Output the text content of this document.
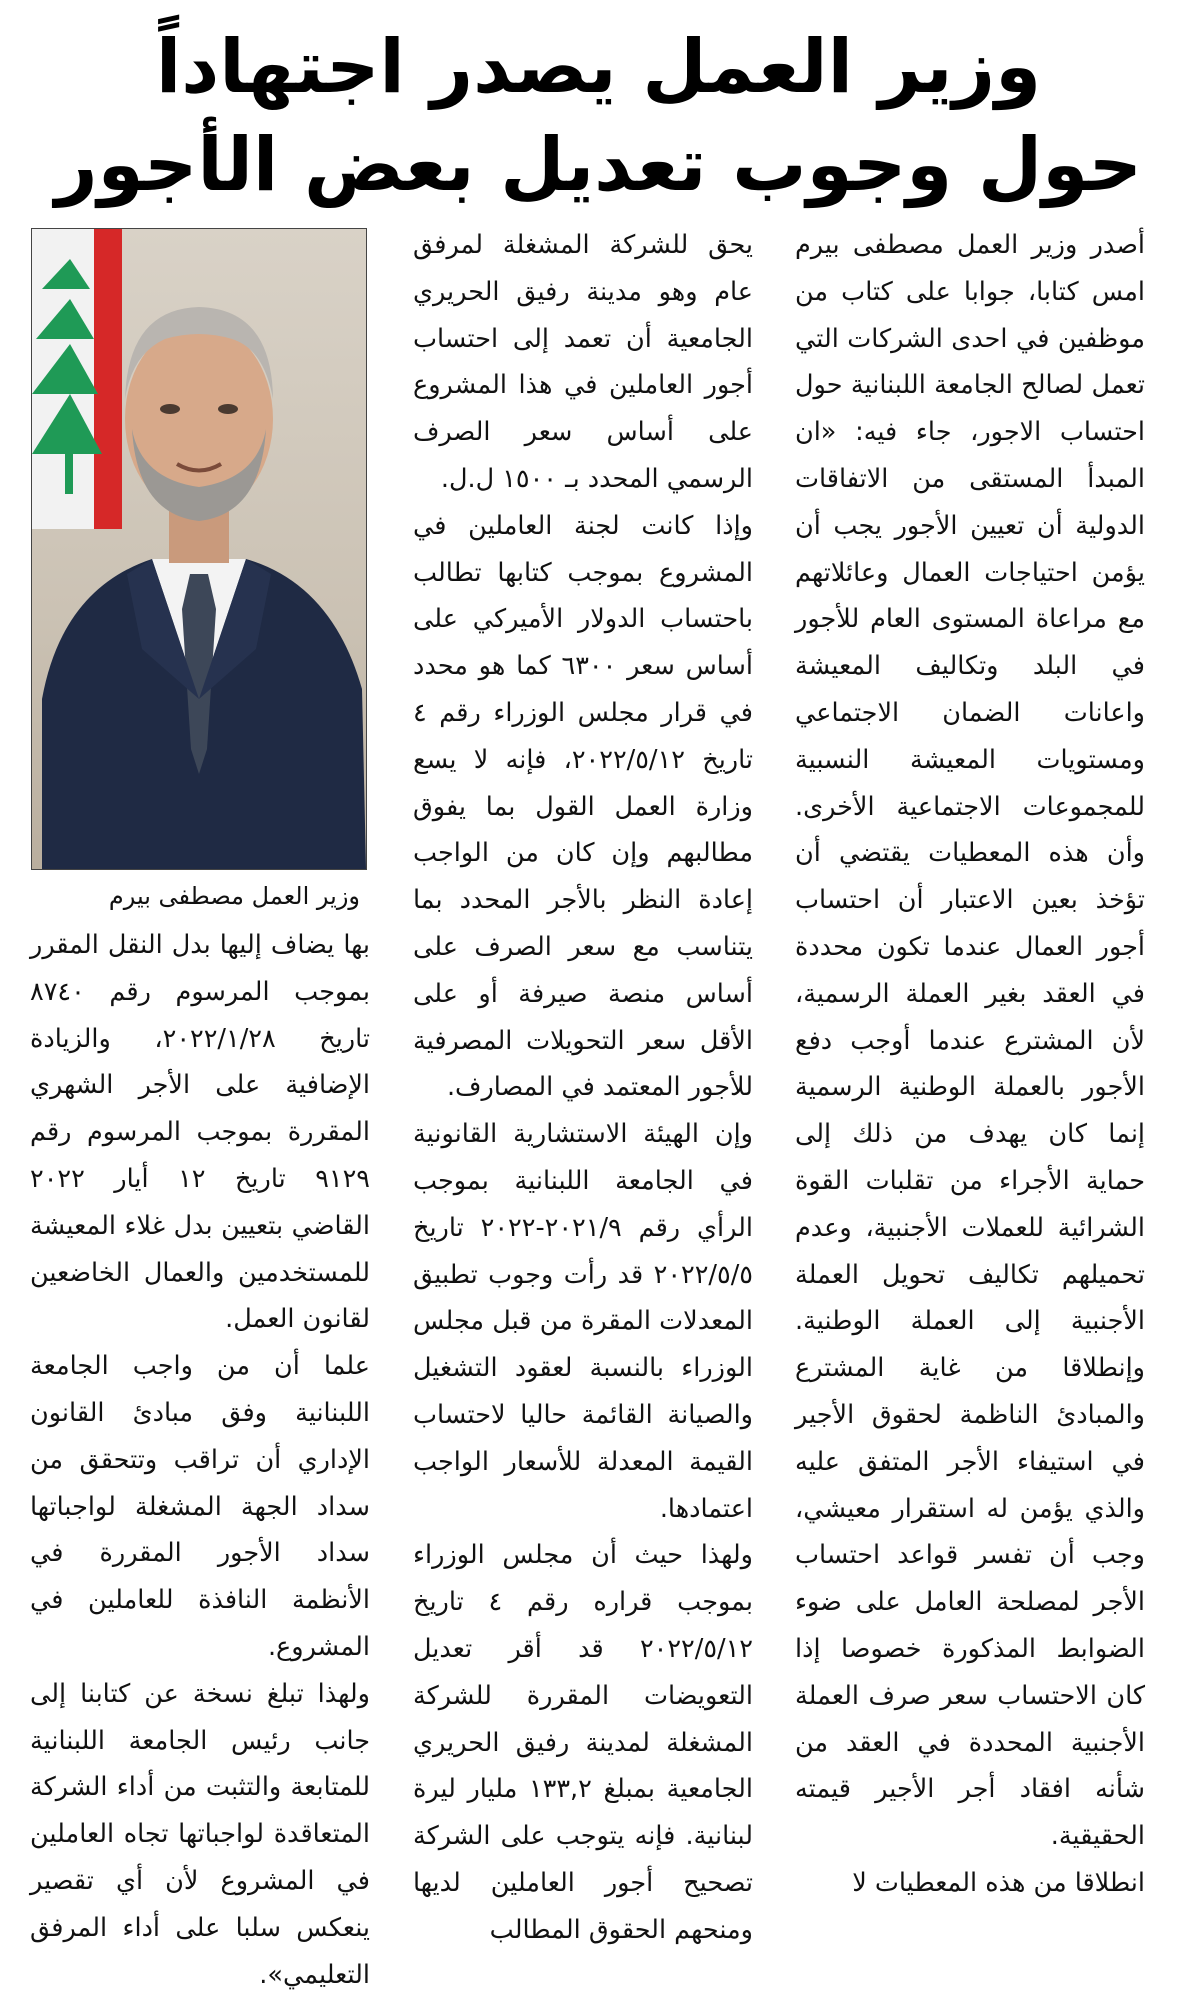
وزير العمل يصدر اجتهاداً
حول وجوب تعديل بعض الأجور

أصدر وزير العمل مصطفى بيرم امس كتابا، جوابا على كتاب من موظفين في احدى الشركات التي تعمل لصالح الجامعة اللبنانية حول احتساب الاجور، جاء فيه: «ان المبدأ المستقى من الاتفاقات الدولية أن تعيين الأجور يجب أن يؤمن احتياجات العمال وعائلاتهم مع مراعاة المستوى العام للأجور في البلد وتكاليف المعيشة واعانات الضمان الاجتماعي ومستويات المعيشة النسبية للمجموعات الاجتماعية الأخرى. وأن هذه المعطيات يقتضي أن تؤخذ بعين الاعتبار أن احتساب أجور العمال عندما تكون محددة في العقد بغير العملة الرسمية، لأن المشترع عندما أوجب دفع الأجور بالعملة الوطنية الرسمية إنما كان يهدف من ذلك إلى حماية الأجراء من تقلبات القوة الشرائية للعملات الأجنبية، وعدم تحميلهم تكاليف تحويل العملة الأجنبية إلى العملة الوطنية. وإنطلاقا من غاية المشترع والمبادئ الناظمة لحقوق الأجير في استيفاء الأجر المتفق عليه والذي يؤمن له استقرار معيشي، وجب أن تفسر قواعد احتساب الأجر لمصلحة العامل على ضوء الضوابط المذكورة خصوصا إذا كان الاحتساب سعر صرف العملة الأجنبية المحددة في العقد من شأنه افقاد أجر الأجير قيمته الحقيقية.

انطلاقا من هذه المعطيات لا

يحق للشركة المشغلة لمرفق عام وهو مدينة رفيق الحريري الجامعية أن تعمد إلى احتساب أجور العاملين في هذا المشروع على أساس سعر الصرف الرسمي المحدد بـ ١٥٠٠ ل.ل.

وإذا كانت لجنة العاملين في المشروع بموجب كتابها تطالب باحتساب الدولار الأميركي على أساس سعر ٦٣٠٠ كما هو محدد في قرار مجلس الوزراء رقم ٤ تاريخ ٢٠٢٢/٥/١٢، فإنه لا يسع وزارة العمل القول بما يفوق مطالبهم وإن كان من الواجب إعادة النظر بالأجر المحدد بما يتناسب مع سعر الصرف على أساس منصة صيرفة أو على الأقل سعر التحويلات المصرفية للأجور المعتمد في المصارف.

وإن الهيئة الاستشارية القانونية في الجامعة اللبنانية بموجب الرأي رقم ٢٠٢١/٩-٢٠٢٢ تاريخ ٢٠٢٢/٥/٥ قد رأت وجوب تطبيق المعدلات المقرة من قبل مجلس الوزراء بالنسبة لعقود التشغيل والصيانة القائمة حاليا لاحتساب القيمة المعدلة للأسعار الواجب اعتمادها.

ولهذا حيث أن مجلس الوزراء بموجب قراره رقم ٤ تاريخ ٢٠٢٢/٥/١٢ قد أقر تعديل التعويضات المقررة للشركة المشغلة لمدينة رفيق الحريري الجامعية بمبلغ ١٣٣,٢ مليار ليرة لبنانية. فإنه يتوجب على الشركة تصحيح أجور العاملين لديها ومنحهم الحقوق المطالب

وزير العمل مصطفى بيرم

بها يضاف إليها بدل النقل المقرر بموجب المرسوم رقم ٨٧٤٠ تاريخ ٢٠٢٢/١/٢٨، والزيادة الإضافية على الأجر الشهري المقررة بموجب المرسوم رقم ٩١٢٩ تاريخ ١٢ أيار ٢٠٢٢ القاضي بتعيين بدل غلاء المعيشة للمستخدمين والعمال الخاضعين لقانون العمل.

علما أن من واجب الجامعة اللبنانية وفق مبادئ القانون الإداري أن تراقب وتتحقق من سداد الجهة المشغلة لواجباتها سداد الأجور المقررة في الأنظمة النافذة للعاملين في المشروع.

ولهذا تبلغ نسخة عن كتابنا إلى جانب رئيس الجامعة اللبنانية للمتابعة والتثبت من أداء الشركة المتعاقدة لواجباتها تجاه العاملين في المشروع لأن أي تقصير ينعكس سلبا على أداء المرفق التعليمي».
